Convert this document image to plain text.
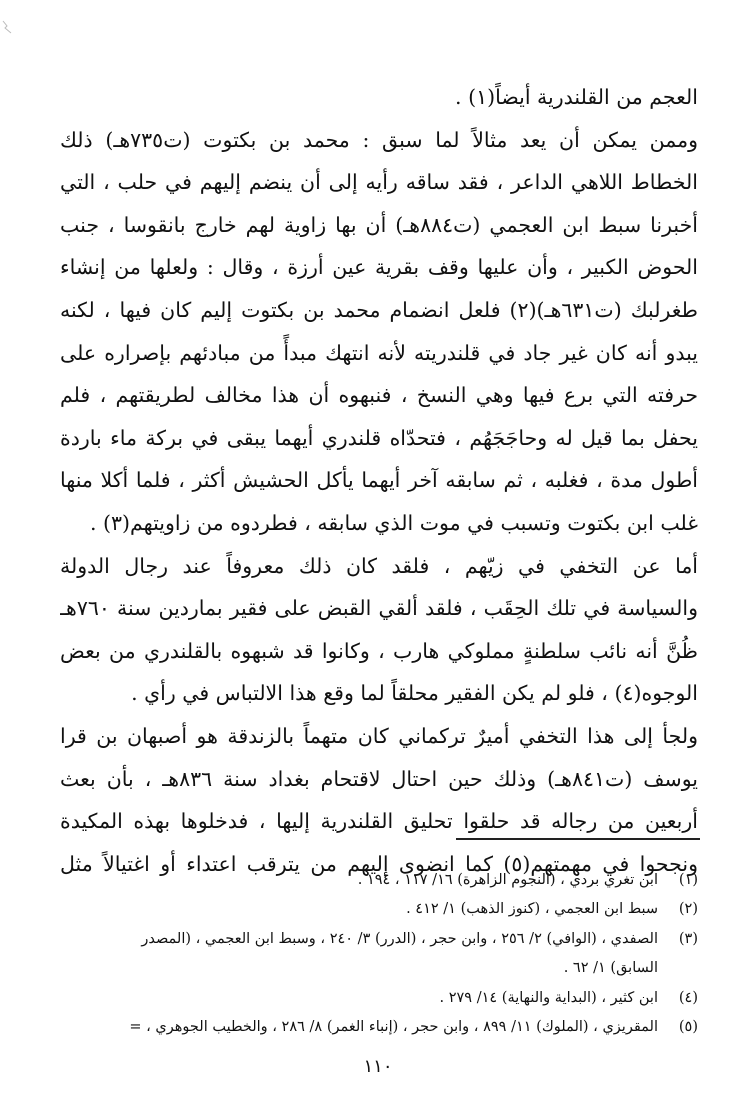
العجم من القلندرية أيضاً(١) .
وممن يمكن أن يعد مثالاً لما سبق : محمد بن بكتوت (ت٧٣٥هـ) ذلك
الخطاط اللاهي الداعر ، فقد ساقه رأيه إلى أن ينضم إليهم في حلب ، التي
أخبرنا سبط ابن العجمي (ت٨٨٤هـ) أن بها زاوية لهم خارج بانقوسا ، جنب
الحوض الكبير ، وأن عليها وقف بقرية عين أرزة ، وقال : ولعلها من إنشاء
طغرلبك (ت٦٣١هـ)(٢) فلعل انضمام محمد بن بكتوت إليم كان فيها ، لكنه
يبدو أنه كان غير جاد في قلندريته لأنه انتهك مبدأً من مبادئهم بإصراره على
حرفته التي برع فيها وهي النسخ ، فنبهوه أن هذا مخالف لطريقتهم ، فلم
يحفل بما قيل له وحاجَجَهُم ، فتحدّاه قلندري أيهما يبقى في بركة ماء باردة
أطول مدة ، فغلبه ، ثم سابقه آخر أيهما يأكل الحشيش أكثر ، فلما أكلا منها
غلب ابن بكتوت وتسبب في موت الذي سابقه ، فطردوه من زاويتهم(٣) .
أما عن التخفي في زيّهم ، فلقد كان ذلك معروفاً عند رجال الدولة
والسياسة في تلك الحِقَب ، فلقد ألقي القبض على فقير بماردين سنة ٧٦٠هـ
ظُنَّ أنه نائب سلطنةٍ مملوكي هارب ، وكانوا قد شبهوه بالقلندري من بعض
الوجوه(٤) ، فلو لم يكن الفقير محلقاً لما وقع هذا الالتباس في رأي .
ولجأ إلى هذا التخفي أميرٌ تركماني كان متهماً بالزندقة هو أصبهان بن قرا
يوسف (ت٨٤١هـ) وذلك حين احتال لاقتحام بغداد سنة ٨٣٦هـ ، بأن بعث
أربعين من رجاله قد حلقوا تحليق القلندرية إليها ، فدخلوها بهذه المكيدة
ونجحوا في مهمتهم(٥) كما انضوى إليهم من يترقب اعتداء أو اغتيالاً مثل
(١)ابن تغري بردي ، (النجوم الزاهرة) ١٦/ ١١٧ ، ١٩٤ .
(٢)سبط ابن العجمي ، (كنوز الذهب) ١/ ٤١٢ .
(٣)الصفدي ، (الوافي) ٢/ ٢٥٦ ، وابن حجر ، (الدرر) ٣/ ٢٤٠ ، وسبط ابن العجمي ، (المصدر
السابق) ١/ ٦٢ .
(٤)ابن كثير ، (البداية والنهاية) ١٤/ ٢٧٩ .
(٥)المقريزي ، (الملوك) ١١/ ٨٩٩ ، وابن حجر ، (إنباء الغمر) ٨/ ٢٨٦ ، والخطيب الجوهري ، =
١١٠
